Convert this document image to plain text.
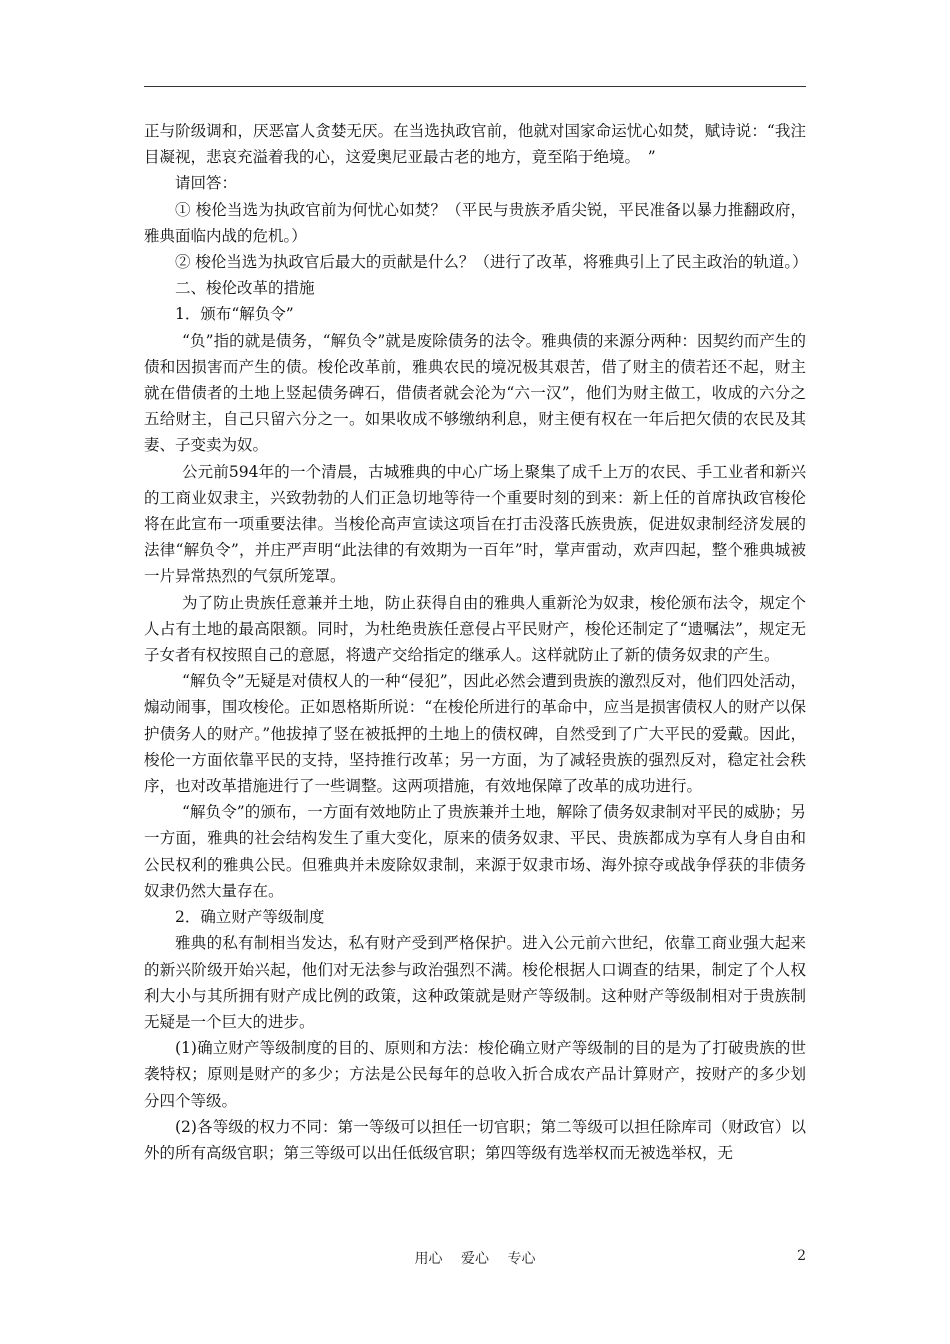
正与阶级调和，厌恶富人贪婪无厌。在当选执政官前，他就对国家命运忧心如焚，赋诗说：“我注目凝视，悲哀充溢着我的心，这爱奥尼亚最古老的地方，竟至陷于绝境。　”

请回答：

① 梭伦当选为执政官前为何忧心如焚？（平民与贵族矛盾尖锐，平民准备以暴力推翻政府，雅典面临内战的危机。）

② 梭伦当选为执政官后最大的贡献是什么？（进行了改革，将雅典引上了民主政治的轨道。）

二、梭伦改革的措施

1．颁布“解负令”

“负”指的就是债务，“解负令”就是废除债务的法令。雅典债的来源分两种：因契约而产生的债和因损害而产生的债。梭伦改革前，雅典农民的境况极其艰苦，借了财主的债若还不起，财主就在借债者的土地上竖起债务碑石，借债者就会沦为“六一汉”，他们为财主做工，收成的六分之五给财主，自己只留六分之一。如果收成不够缴纳利息，财主便有权在一年后把欠债的农民及其妻、子变卖为奴。

公元前594年的一个清晨，古城雅典的中心广场上聚集了成千上万的农民、手工业者和新兴的工商业奴隶主，兴致勃勃的人们正急切地等待一个重要时刻的到来：新上任的首席执政官梭伦将在此宣布一项重要法律。当梭伦高声宣读这项旨在打击没落氏族贵族，促进奴隶制经济发展的法律“解负令”，并庄严声明“此法律的有效期为一百年”时，掌声雷动，欢声四起，整个雅典城被一片异常热烈的气氛所笼罩。

为了防止贵族任意兼并土地，防止获得自由的雅典人重新沦为奴隶，梭伦颁布法令，规定个人占有土地的最高限额。同时，为杜绝贵族任意侵占平民财产，梭伦还制定了“遗嘱法”，规定无子女者有权按照自己的意愿，将遗产交给指定的继承人。这样就防止了新的债务奴隶的产生。

“解负令”无疑是对债权人的一种“侵犯”，因此必然会遭到贵族的激烈反对，他们四处活动，煽动闹事，围攻梭伦。正如恩格斯所说：“在梭伦所进行的革命中，应当是损害债权人的财产以保护债务人的财产。”他拔掉了竖在被抵押的土地上的债权碑，自然受到了广大平民的爱戴。因此，梭伦一方面依靠平民的支持，坚持推行改革；另一方面，为了减轻贵族的强烈反对，稳定社会秩序，也对改革措施进行了一些调整。这两项措施，有效地保障了改革的成功进行。

“解负令”的颁布，一方面有效地防止了贵族兼并土地，解除了债务奴隶制对平民的威胁；另一方面，雅典的社会结构发生了重大变化，原来的债务奴隶、平民、贵族都成为享有人身自由和公民权利的雅典公民。但雅典并未废除奴隶制，来源于奴隶市场、海外掠夺或战争俘获的非债务奴隶仍然大量存在。

2．确立财产等级制度

雅典的私有制相当发达，私有财产受到严格保护。进入公元前六世纪，依靠工商业强大起来的新兴阶级开始兴起，他们对无法参与政治强烈不满。梭伦根据人口调查的结果，制定了个人权利大小与其所拥有财产成比例的政策，这种政策就是财产等级制。这种财产等级制相对于贵族制无疑是一个巨大的进步。

(1)确立财产等级制度的目的、原则和方法：梭伦确立财产等级制的目的是为了打破贵族的世袭特权；原则是财产的多少；方法是公民每年的总收入折合成农产品计算财产，按财产的多少划分四个等级。

(2)各等级的权力不同：第一等级可以担任一切官职；第二等级可以担任除库司（财政官）以外的所有高级官职；第三等级可以出任低级官职；第四等级有选举权而无被选举权，无

用心 爱心 专心	2
